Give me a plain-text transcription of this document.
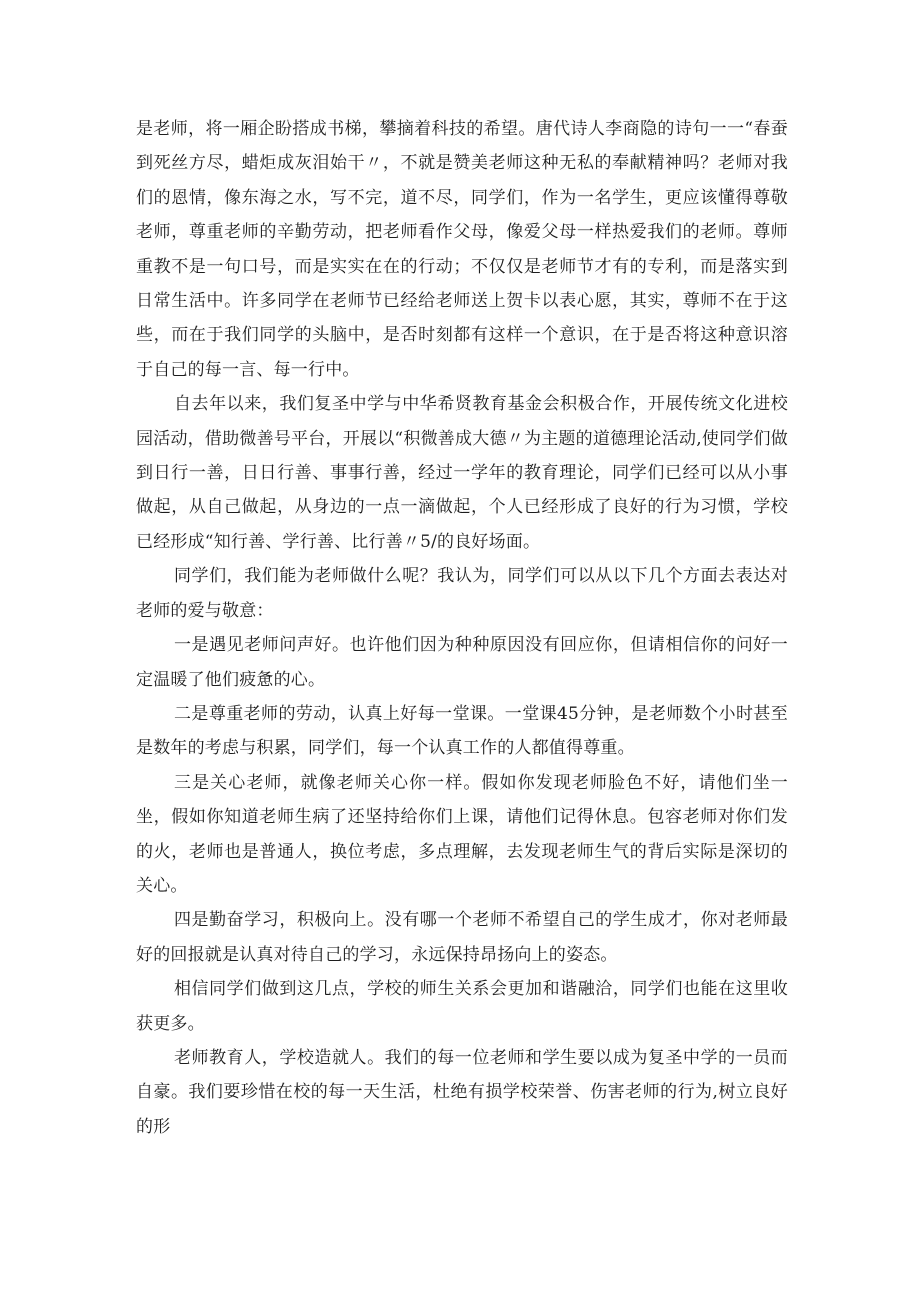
是老师，将一厢企盼搭成书梯，攀摘着科技的希望。唐代诗人李商隐的诗句一一“春蚕到死丝方尽，蜡炬成灰泪始干〃，不就是赞美老师这种无私的奉献精神吗？老师对我们的恩情，像东海之水，写不完，道不尽，同学们，作为一名学生，更应该懂得尊敬老师，尊重老师的辛勤劳动，把老师看作父母，像爱父母一样热爱我们的老师。尊师重教不是一句口号，而是实实在在的行动；不仅仅是老师节才有的专利，而是落实到日常生活中。许多同学在老师节已经给老师送上贺卡以表心愿，其实，尊师不在于这些，而在于我们同学的头脑中，是否时刻都有这样一个意识，在于是否将这种意识溶于自己的每一言、每一行中。

自去年以来，我们复圣中学与中华希贤教育基金会积极合作，开展传统文化进校园活动，借助微善号平台，开展以“积微善成大德〃为主题的道德理论活动,使同学们做到日行一善，日日行善、事事行善，经过一学年的教育理论，同学们已经可以从小事做起，从自己做起，从身边的一点一滴做起，个人已经形成了良好的行为习惯，学校已经形成“知行善、学行善、比行善〃5/的良好场面。

同学们，我们能为老师做什么呢？我认为，同学们可以从以下几个方面去表达对老师的爱与敬意：

一是遇见老师问声好。也许他们因为种种原因没有回应你，但请相信你的问好一定温暖了他们疲惫的心。

二是尊重老师的劳动，认真上好每一堂课。一堂课45分钟，是老师数个小时甚至是数年的考虑与积累，同学们，每一个认真工作的人都值得尊重。

三是关心老师，就像老师关心你一样。假如你发现老师脸色不好，请他们坐一坐，假如你知道老师生病了还坚持给你们上课，请他们记得休息。包容老师对你们发的火，老师也是普通人，换位考虑，多点理解，去发现老师生气的背后实际是深切的关心。

四是勤奋学习，积极向上。没有哪一个老师不希望自己的学生成才，你对老师最好的回报就是认真对待自己的学习，永远保持昂扬向上的姿态。

相信同学们做到这几点，学校的师生关系会更加和谐融洽，同学们也能在这里收获更多。

老师教育人，学校造就人。我们的每一位老师和学生要以成为复圣中学的一员而自豪。我们要珍惜在校的每一天生活，杜绝有损学校荣誉、伤害老师的行为,树立良好的形
